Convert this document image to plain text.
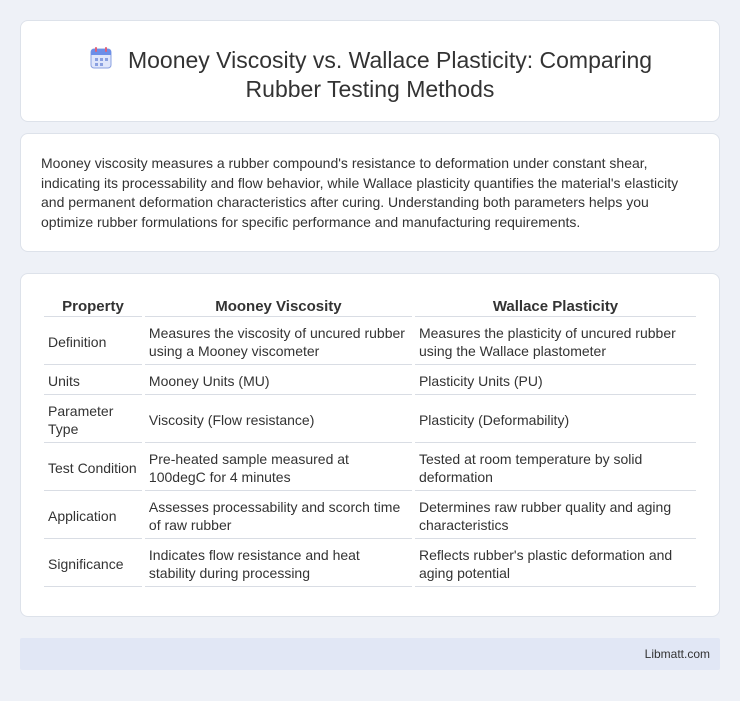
Mooney Viscosity vs. Wallace Plasticity: Comparing
Rubber Testing Methods

Mooney viscosity measures a rubber compound's resistance to deformation under constant shear, indicating its processability and flow behavior, while Wallace plasticity quantifies the material's elasticity and permanent deformation characteristics after curing. Understanding both parameters helps you optimize rubber formulations for specific performance and manufacturing requirements.

Property	Mooney Viscosity	Wallace Plasticity
Definition	Measures the viscosity of uncured rubber using a Mooney viscometer	Measures the plasticity of uncured rubber using the Wallace plastometer
Units	Mooney Units (MU)	Plasticity Units (PU)
Parameter Type	Viscosity (Flow resistance)	Plasticity (Deformability)
Test Condition	Pre-heated sample measured at 100degC for 4 minutes	Tested at room temperature by solid deformation
Application	Assesses processability and scorch time of raw rubber	Determines raw rubber quality and aging characteristics
Significance	Indicates flow resistance and heat stability during processing	Reflects rubber's plastic deformation and aging potential
Libmatt.com
